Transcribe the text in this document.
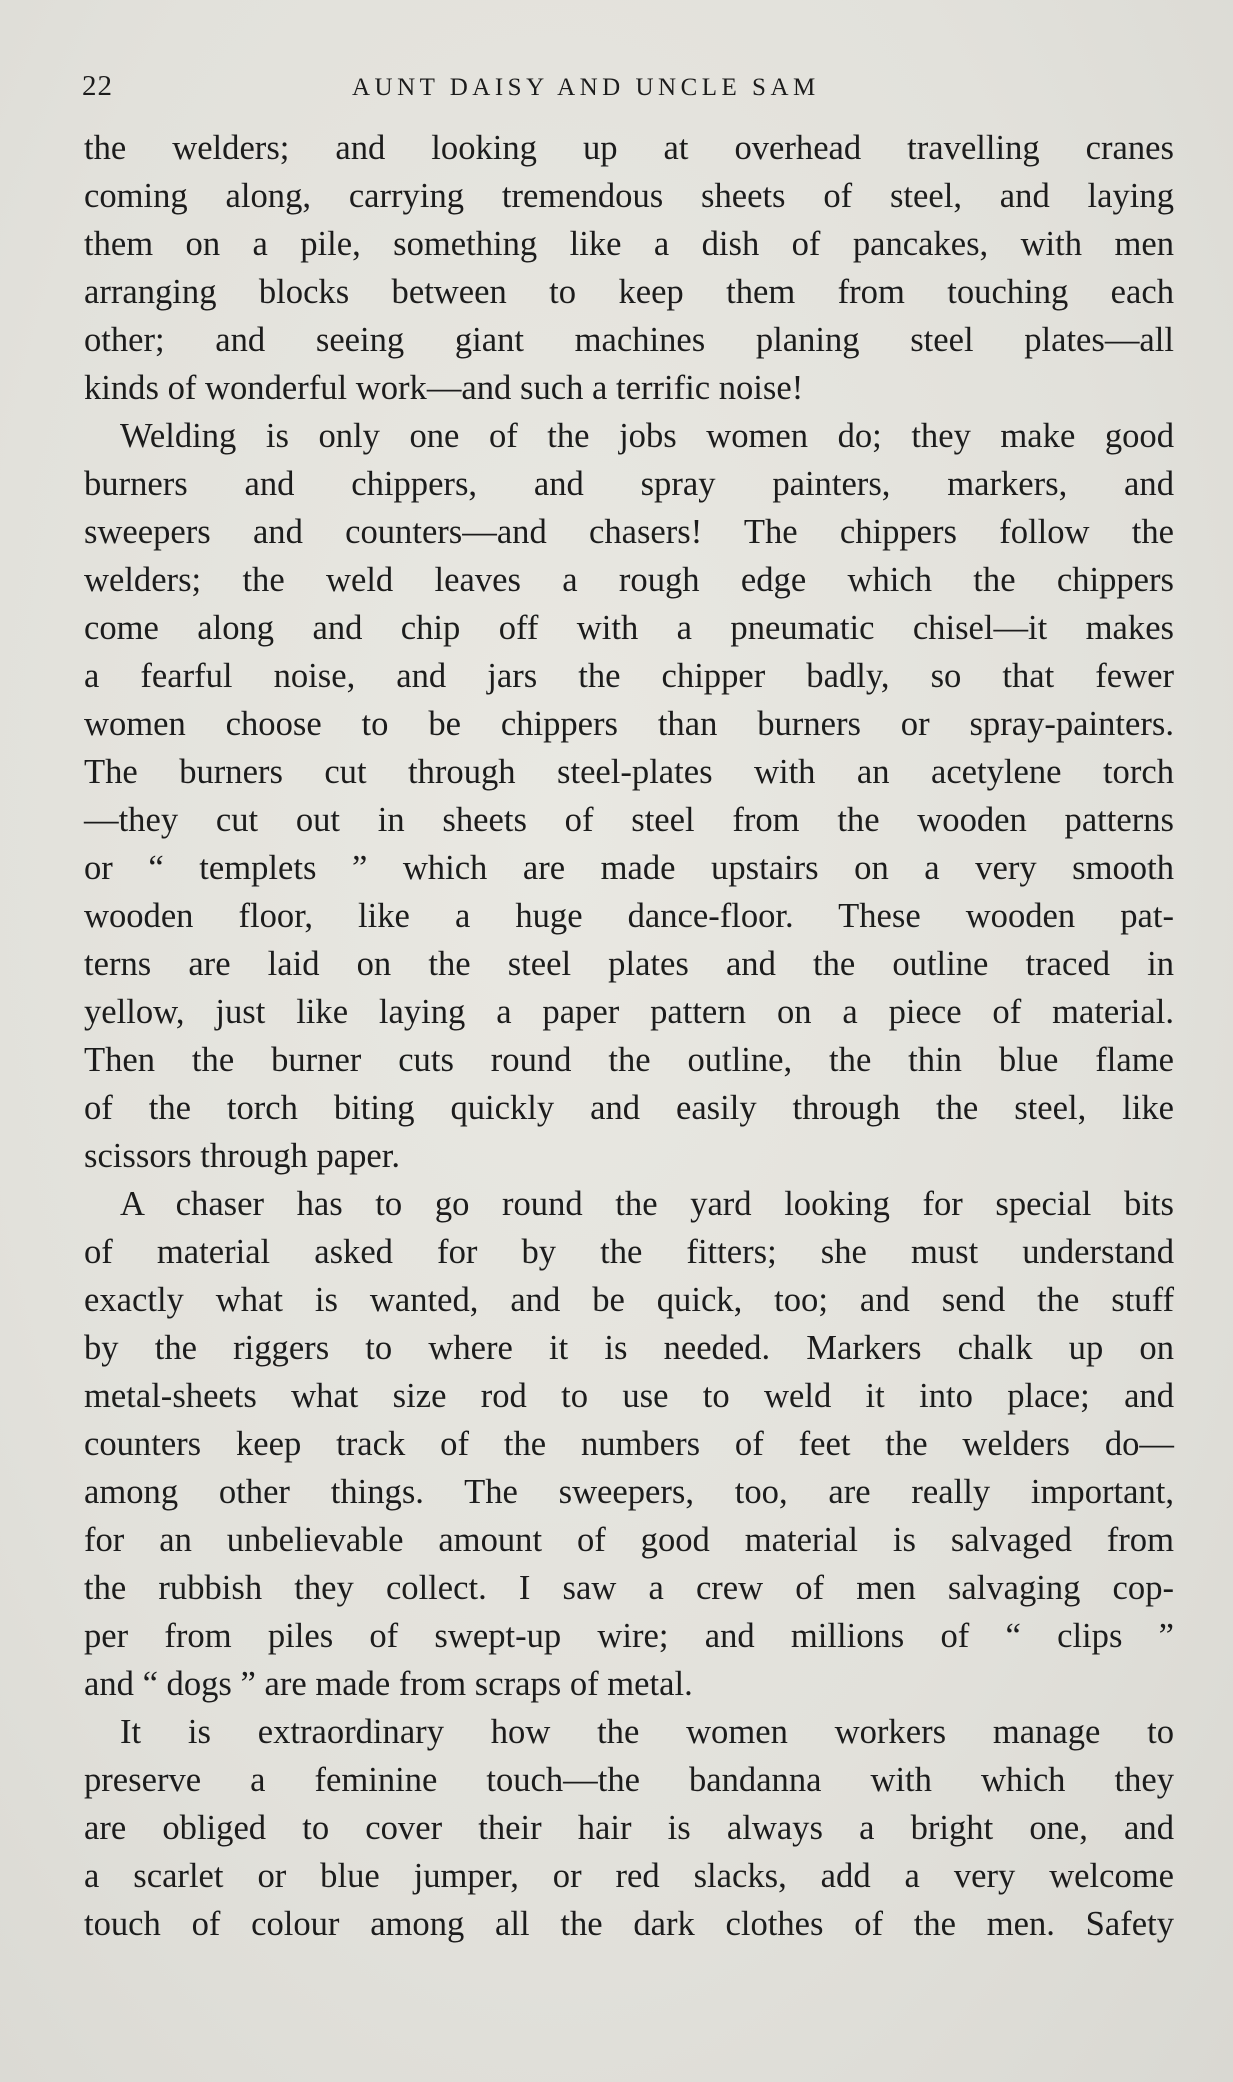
22	AUNT DAISY AND UNCLE SAM
the welders; and looking up at overhead travelling cranes
coming along, carrying tremendous sheets of steel, and laying
them on a pile, something like a dish of pancakes, with men
arranging blocks between to keep them from touching each
other; and seeing giant machines planing steel plates—all
kinds of wonderful work—and such a terrific noise!
Welding is only one of the jobs women do; they make good
burners and chippers, and spray painters, markers, and
sweepers and counters—and chasers! The chippers follow the
welders; the weld leaves a rough edge which the chippers
come along and chip off with a pneumatic chisel—it makes
a fearful noise, and jars the chipper badly, so that fewer
women choose to be chippers than burners or spray-painters.
The burners cut through steel-plates with an acetylene torch
—they cut out in sheets of steel from the wooden patterns
or “ templets ” which are made upstairs on a very smooth
wooden floor, like a huge dance-floor. These wooden pat-
terns are laid on the steel plates and the outline traced in
yellow, just like laying a paper pattern on a piece of material.
Then the burner cuts round the outline, the thin blue flame
of the torch biting quickly and easily through the steel, like
scissors through paper.
A chaser has to go round the yard looking for special bits
of material asked for by the fitters; she must understand
exactly what is wanted, and be quick, too; and send the stuff
by the riggers to where it is needed. Markers chalk up on
metal-sheets what size rod to use to weld it into place; and
counters keep track of the numbers of feet the welders do—
among other things. The sweepers, too, are really important,
for an unbelievable amount of good material is salvaged from
the rubbish they collect. I saw a crew of men salvaging cop-
per from piles of swept-up wire; and millions of “ clips ”
and “ dogs ” are made from scraps of metal.
It is extraordinary how the women workers manage to
preserve a feminine touch—the bandanna with which they
are obliged to cover their hair is always a bright one, and
a scarlet or blue jumper, or red slacks, add a very welcome
touch of colour among all the dark clothes of the men. Safety
